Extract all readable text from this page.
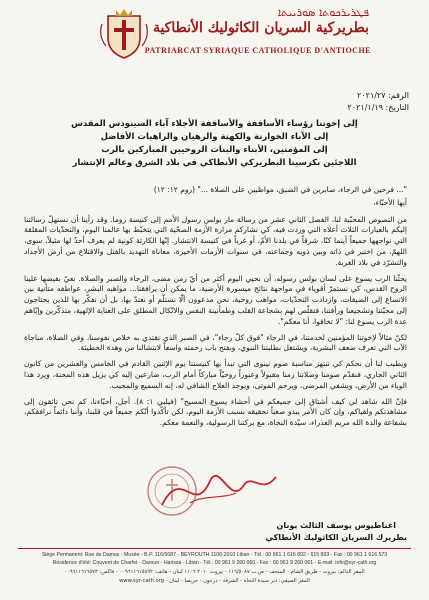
ܦܛܪܝܪܟܘܬܐ ܣܘܪܝܝܬܐ
بطريركية السريان الكاثوليك الأنطاكية
PATRIARCAT SYRIAQUE CATHOLIQUE D'ANTIOCHE
الرقم: ٢٠٢١/٢٧
التاريخ: ٢٠٢١/١/١٩
إلى إخوتنا رؤساء الأساقفة والأساقفة الأجلاء آباء السينودس المقدس
إلى الآباء الخوارنة والكهنة والرهبان والراهبات الأفاضل
إلى المؤمنين، الأبناء والبنات الروحيين المباركين بالرب
اللاجئين بكرسينا البطريركي الأنطاكي في بلاد الشرق وعالم الإنتشار

"... فرحين في الرجاء، صابرين في الضيق، مواظبين على الصلاة ..." (روم ١٢: ١٢)

أيها الأحبّاء،

من النصوص المحبّبة لنا، الفصل الثاني عشر من رسالة مار بولس رسول الأمم إلى كنيسة روما. وقد رأينا أن نستهلّ رسالتنا إليكم بالعبارات الثلاث أعلاه التي وردت فيه، كي نشاركم مرارة الأزمة الصحّية التي يتخبّط بها عالمنا اليوم، والتحدّيات المقلقة التي نواجهها جميعاً أينما كنّا، شرقاً في بلدنا الأمّ، أو غرباً في كنيسة الانتشار. إنّها الكارثة كونية لم يعرف أحدٌ لها مثيلاً، سوى، اللهمّ، من اختبر في ذاته وبين ذويه وجماعته، في سنوات الأزمات الأخيرة، معاناة التهديد بالقتل والاقتلاع من أرض الأجداد والتشرّد في بلاد الغربة.

يحثّنا الرب يسوع على لسان بولس رسوله، أن نحيي اليوم أكثر من أيّ زمن مضى، الرجاء والصبر والصلاة. نعيّ بفيضها علينا الروح القدس، كي نستمرّ أقوياء في مواجهة نتائج ميسورة الأرضية، ما يمكن أن يرافقنا... مواهبه البشر، عواطفه متأنية بين الاتساع إلى الضيقات، وازدادت التحدّيات، مواهب روحية، نحن مدعوون ألّا نستلّم أو نعتدّ بها، بل أن نفكّر بها للذين يحتاجون إلى محبّتنا وتشجيعنا ورأفتنا، فتقلّص لهم بشجاعة القلب وطمأنينة النفس والاتّكال المطلق على العناية الإلهية، متذكّرين وإيّاهم عدة الرب يسوع لنا: "لا تخافوا، أنا معكم".

لكنّ مثالاً لإخوتنا المؤمنين لخدمتنا، في الرجاء "فوق كلّ رجاء"، في الصبر الذي نقتدي به خلاص نفوسنا، وفي الصلاة، مناجاة الآب التي تعرف ضعف البشرية، ويشتغل بطلبتنا النبوي، وبفتح باب رحمته واسعاً لانتشالنا من وهدة الخطيئة.

ويطيب لنا أن نحكم كي تنتهز مناسبة صوم نينوى التي تبدأ بها كنيستنا يوم الإثنين القادم في الخامس والعشرين من كانون الثاني الجاري، فنقدّم صومنا وصلاتنا زمنا مقبولاً وعبوراً روحيّاً مباركاً أمام الرب، ضارعين إليه كي يزيل هذه المحنة، ويرد هذا الوباء من الأرض، ويشفي المرضى، ويرحم الموتى، ويوجد العلاج الشافي له، إنه السميع والمجيب.

فإنّ الله شاهد لي كيف أشتاق إلى جميعكم في أحشاء يسوع المسيح" (فيلبي ١: ٨). أجل، أحبّاءنا، كم نحن تائقون إلى مشاهدتكم ولقياكم، وإن كان الأمر يبدو صعباً تحقيقه بسبب الأزمة اليوم، لكن تأكّدوا أنّكم جميعاً في قلبنا، وأننا دائماً نرافقكم، بشفاعة والدة الله مريم العذراء، سيّدة النجاة، مع بركتنا الرسولية، والنعمة معكم.

اغناطيوس يوسف الثالث يونان
بطريرك السريان الكاثوليك الأنطاكي
Siège Permanent: Rue de Damas - Musée - B.P. 116/5087 - BEYROUTH 1106-2010 Liban - Tél.: 00 961 1 615 892 - 615 893 - Fax : 00 961 1 616 573
Résidence d'été: Couvent de Charfet - Daroun - Harissa - Liban - Tél.: 00 961 9 260 060 - Fax : 00 961 9 260 061 - E-mail: info@syr-cath.org
المقر الدائم: بيروت - طريق الشام - المتحف - ص.ب ١١٦/٥٠٨٧ - بيروت ٢٠١٠ ١١٠٦ لبنان - هاتف: ٠٠٩٦١١٦١٥٨٩٢ - فاكس: ٠٠٩٦١١٦١٦٥٧٣
المقر الصيفي: دير سيدة النجاة - الشرفة - درعون - حريصا - لبنان - www.syr-cath.org
